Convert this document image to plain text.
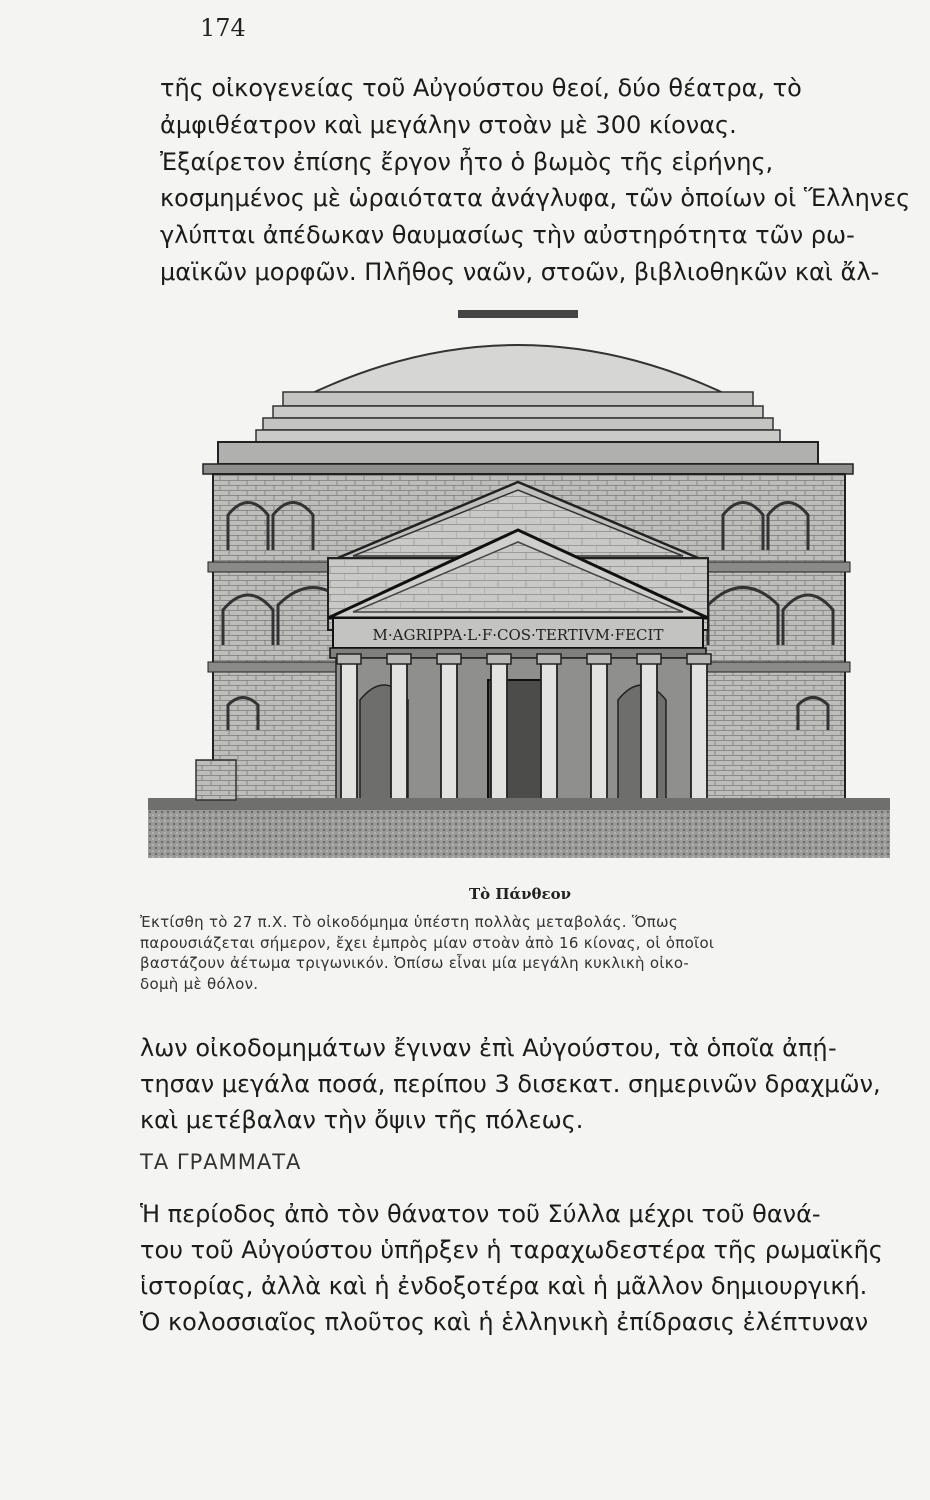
174
τῆς οἰκογενείας τοῦ Αὐγούστου θεοί, δύο θέατρα, τὸ
ἀμφιθέατρον καὶ μεγάλην στοὰν μὲ 300 κίονας.
Ἐξαίρετον ἐπίσης ἔργον ἦτο ὁ βωμὸς τῆς εἰρήνης,
κοσμημένος μὲ ὡραιότατα ἀνάγλυφα, τῶν ὁποίων οἱ Ἕλληνες
γλύπται ἀπέδωκαν θαυμασίως τὴν αὐστηρότητα τῶν ρω-
μαϊκῶν μορφῶν. Πλῆθος ναῶν, στοῶν, βιβλιοθηκῶν καὶ ἄλ-
M·AGRIPPA·L·F·COS·TERTIVM·FECIT
Τὸ Πάνθεον
Ἐκτίσθη τὸ 27 π.Χ. Τὸ οἰκοδόμημα ὑπέστη πολλὰς μεταβολάς. Ὅπως
παρουσιάζεται σήμερον, ἔχει ἐμπρὸς μίαν στοὰν ἀπὸ 16 κίονας, οἱ ὁποῖοι
βαστάζουν ἀέτωμα τριγωνικόν. Ὀπίσω εἶναι μία μεγάλη κυκλικὴ οἰκο-
δομὴ μὲ θόλον.
λων οἰκοδομημάτων ἔγιναν ἐπὶ Αὐγούστου, τὰ ὁποῖα ἀπῄ-
τησαν μεγάλα ποσά, περίπου 3 δισεκατ. σημερινῶν δραχμῶν,
καὶ μετέβαλαν τὴν ὄψιν τῆς πόλεως.
ΤΑ ΓΡΑΜΜΑΤΑ
Ἡ περίοδος ἀπὸ τὸν θάνατον τοῦ Σύλλα μέχρι τοῦ θανά-
του τοῦ Αὐγούστου ὑπῆρξεν ἡ ταραχωδεστέρα τῆς ρωμαϊκῆς
ἱστορίας, ἀλλὰ καὶ ἡ ἐνδοξοτέρα καὶ ἡ μᾶλλον δημιουργική.
Ὁ κολοσσιαῖος πλοῦτος καὶ ἡ ἑλληνικὴ ἐπίδρασις ἐλέπτυναν
